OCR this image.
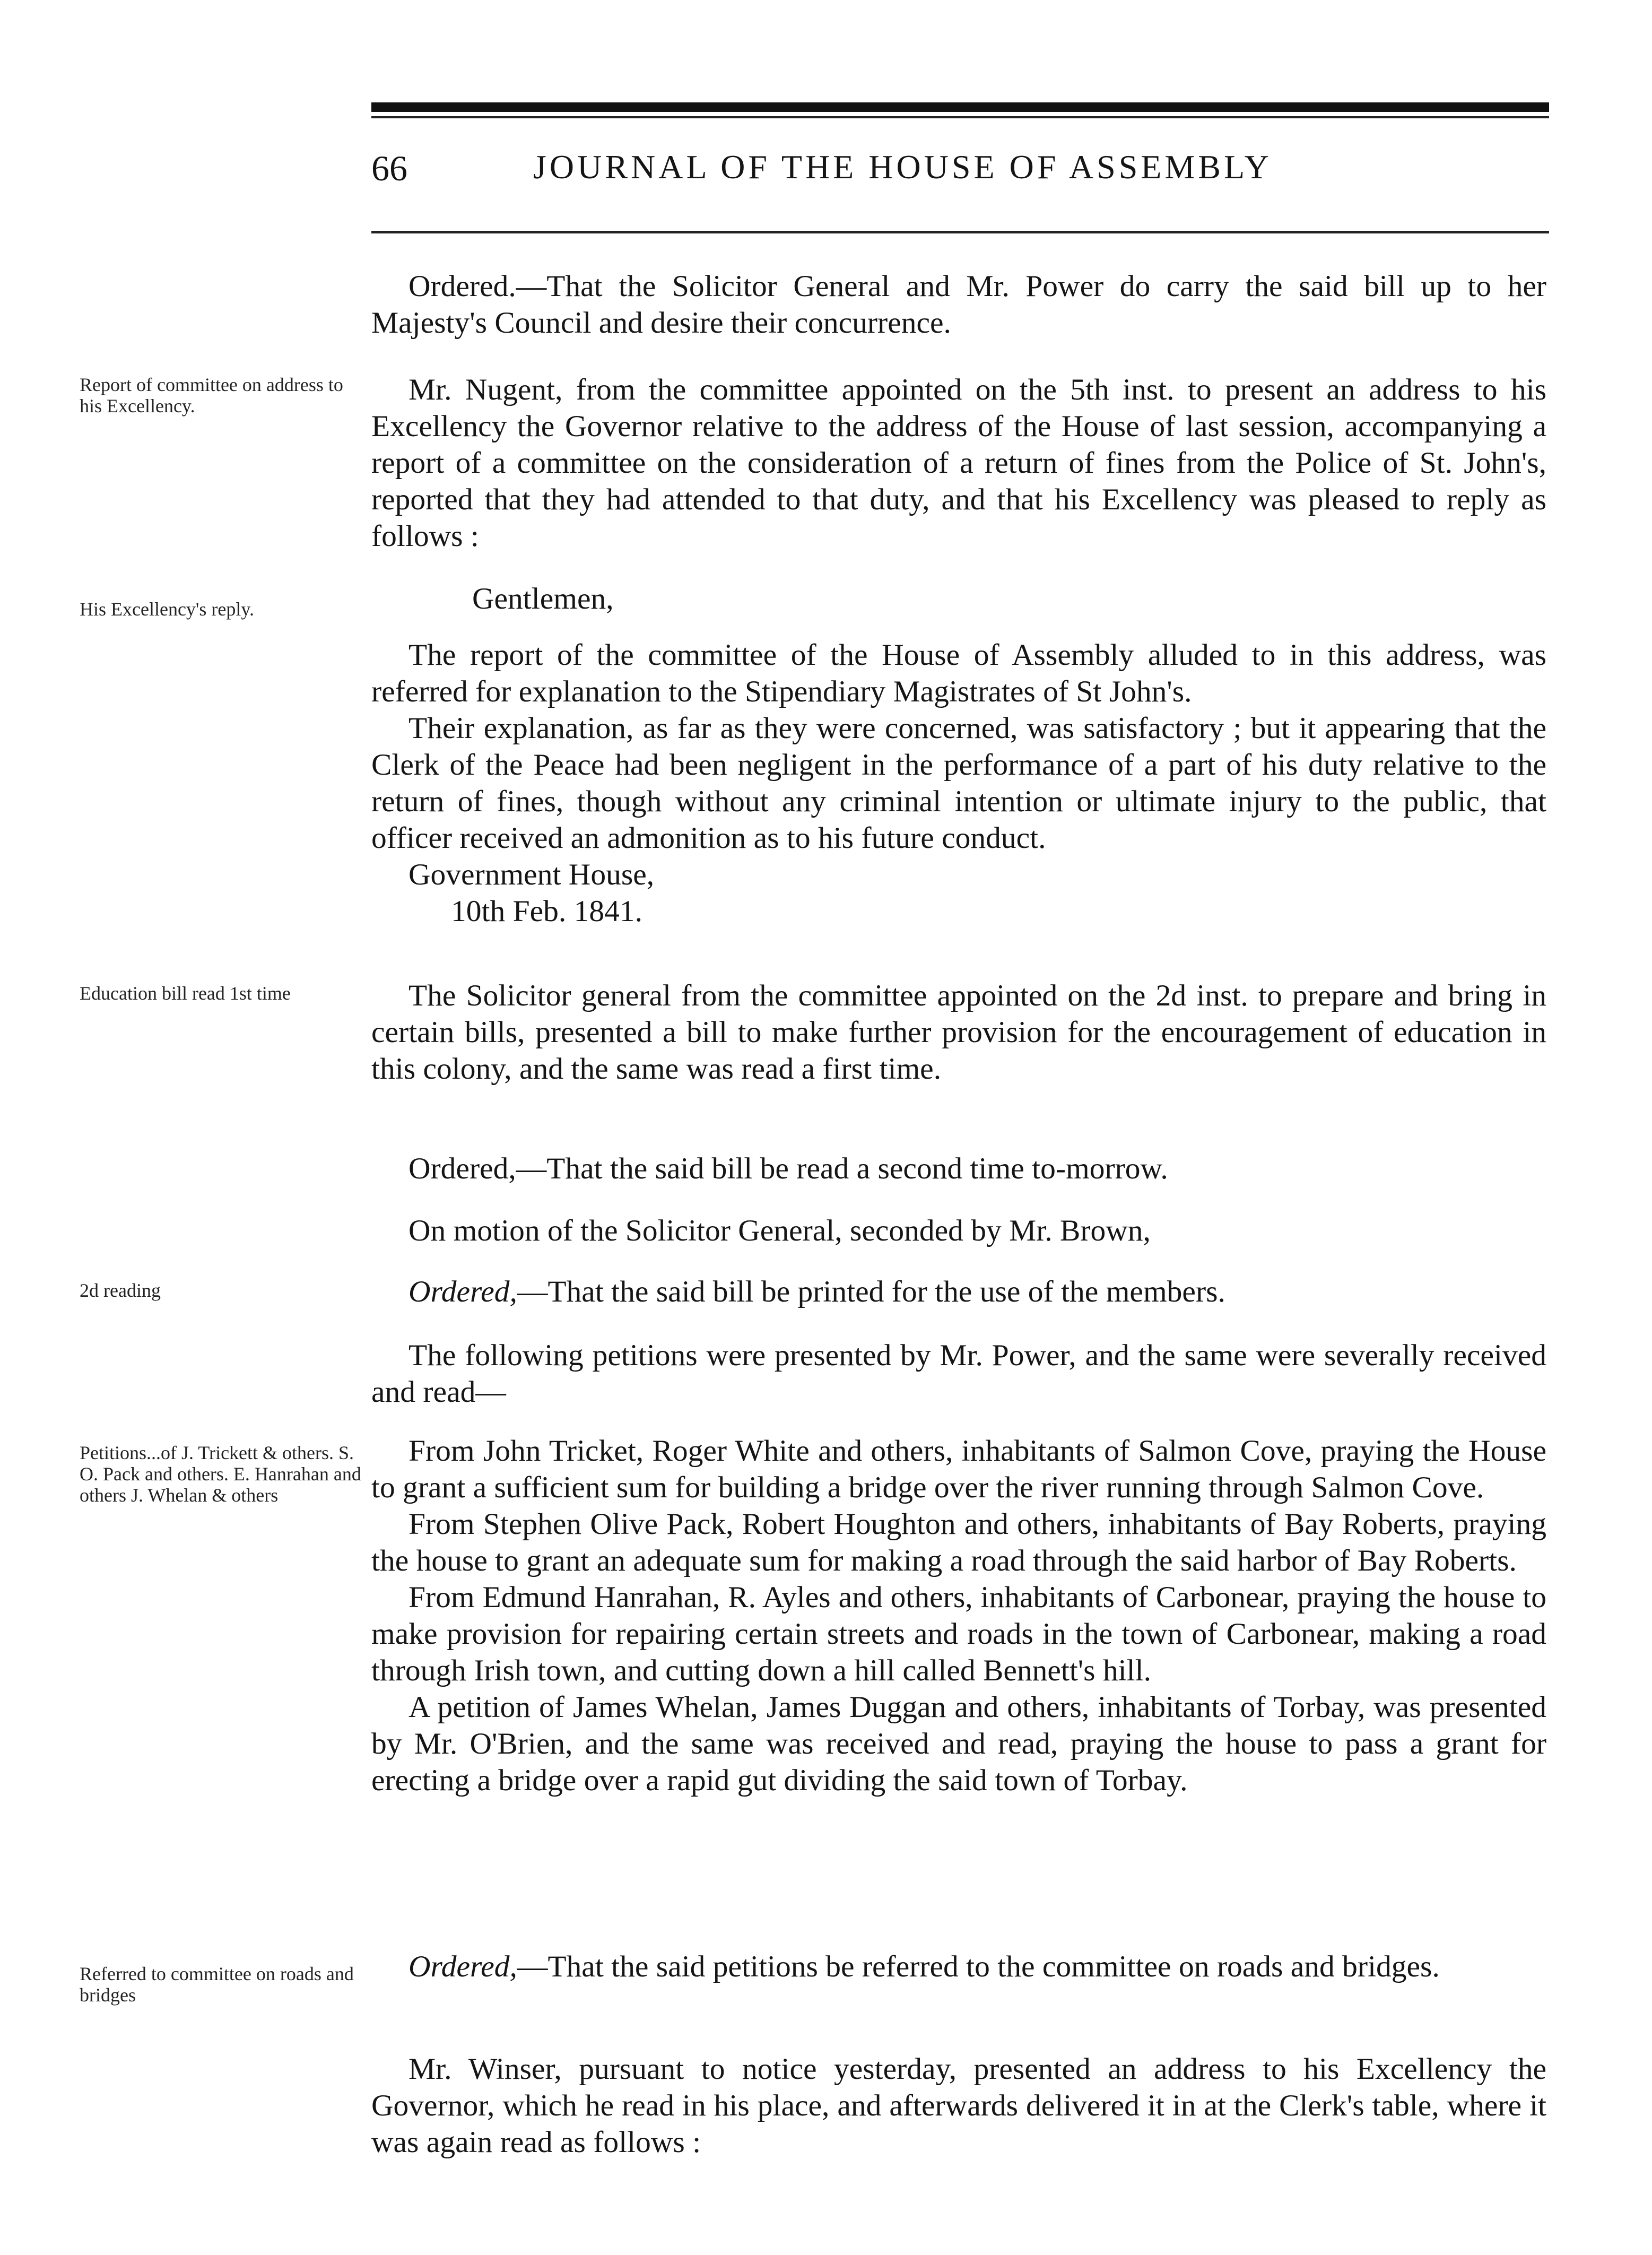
66	JOURNAL OF THE HOUSE OF ASSEMBLY
Report of committee on address to his Excellency.
His Excellency's reply.
Education bill read 1st time
2d reading
Petitions...of J. Trickett & others. S. O. Pack and others. E. Hanrahan and others J. Whelan & others
Referred to committee on roads and bridges
Ordered.—That the Solicitor General and Mr. Power do carry the said bill up to her Majesty's Council and desire their concurrence.
Mr. Nugent, from the committee appointed on the 5th inst. to present an address to his Excellency the Governor relative to the address of the House of last session, accompanying a report of a committee on the consideration of a return of fines from the Police of St. John's, reported that they had attended to that duty, and that his Excellency was pleased to reply as follows :
Gentlemen,

The report of the committee of the House of Assembly alluded to in this address, was referred for explanation to the Stipendiary Magistrates of St John's.

Their explanation, as far as they were concerned, was satisfactory ; but it appearing that the Clerk of the Peace had been negligent in the performance of a part of his duty relative to the return of fines, though without any criminal intention or ultimate injury to the public, that officer received an admonition as to his future conduct.

Government House,

10th Feb. 1841.

The Solicitor general from the committee appointed on the 2d inst. to prepare and bring in certain bills, presented a bill to make further provision for the encouragement of education in this colony, and the same was read a first time.
Ordered,—That the said bill be read a second time to-morrow.
On motion of the Solicitor General, seconded by Mr. Brown,
Ordered,—That the said bill be printed for the use of the members.
The following petitions were presented by Mr. Power, and the same were severally received and read—

From John Tricket, Roger White and others, inhabitants of Salmon Cove, praying the House to grant a sufficient sum for building a bridge over the river running through Salmon Cove.

From Stephen Olive Pack, Robert Houghton and others, inhabitants of Bay Roberts, praying the house to grant an adequate sum for making a road through the said harbor of Bay Roberts.

From Edmund Hanrahan, R. Ayles and others, inhabitants of Carbonear, praying the house to make provision for repairing certain streets and roads in the town of Carbonear, making a road through Irish town, and cutting down a hill called Bennett's hill.

A petition of James Whelan, James Duggan and others, inhabitants of Torbay, was presented by Mr. O'Brien, and the same was received and read, praying the house to pass a grant for erecting a bridge over a rapid gut dividing the said town of Torbay.

Ordered,—That the said petitions be referred to the committee on roads and bridges.
Mr. Winser, pursuant to notice yesterday, presented an address to his Excellency the Governor, which he read in his place, and afterwards delivered it in at the Clerk's table, where it was again read as follows :
